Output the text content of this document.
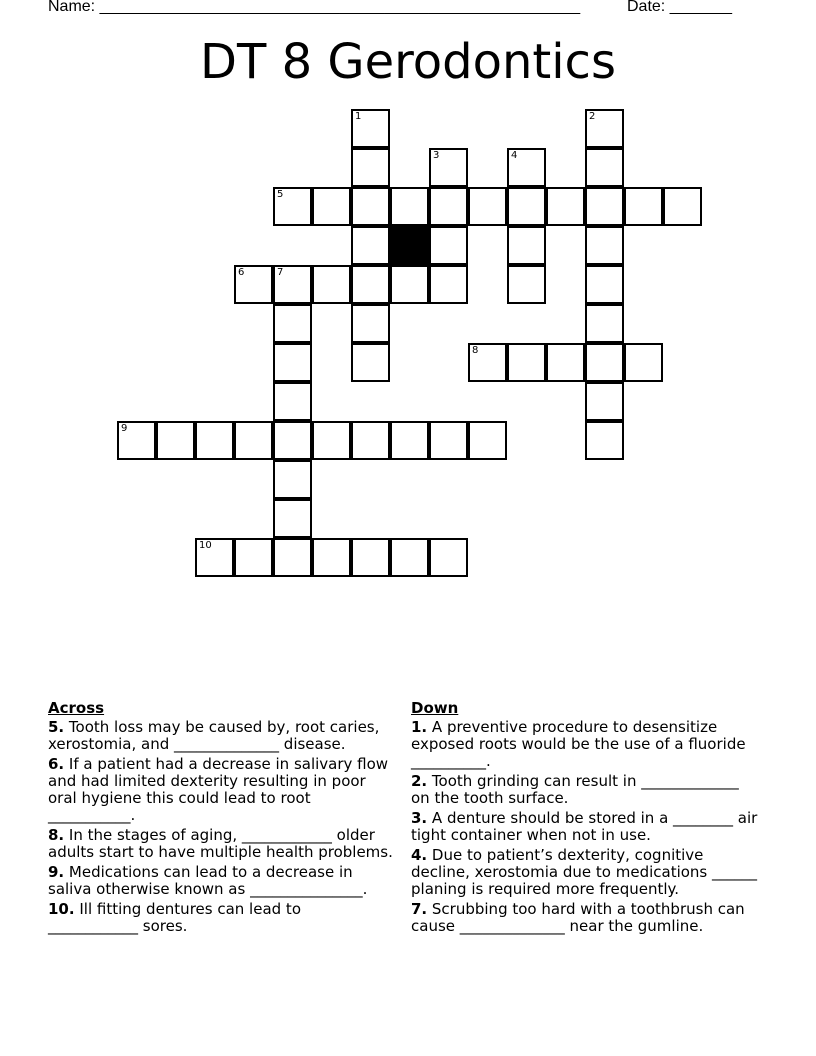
Name: ______________________________________________________	Date: _______
DT 8 Gerodontics
1	2
3	4
5
6	7
8
9
10
Across
5. Tooth loss may be caused by, root caries, xerostomia, and ______________ disease.
6. If a patient had a decrease in salivary flow and had limited dexterity resulting in poor oral hygiene this could lead to root ___________.
8. In the stages of aging, ____________ older adults start to have multiple health problems.
9. Medications can lead to a decrease in saliva otherwise known as _______________.
10. Ill fitting dentures can lead to ____________ sores.
Down
1. A preventive procedure to desensitize exposed roots would be the use of a fluoride __________.
2. Tooth grinding can result in _____________ on the tooth surface.
3. A denture should be stored in a ________ air tight container when not in use.
4. Due to patient’s dexterity, cognitive decline, xerostomia due to medications ______ planing is required more frequently.
7. Scrubbing too hard with a toothbrush can cause ______________ near the gumline.
